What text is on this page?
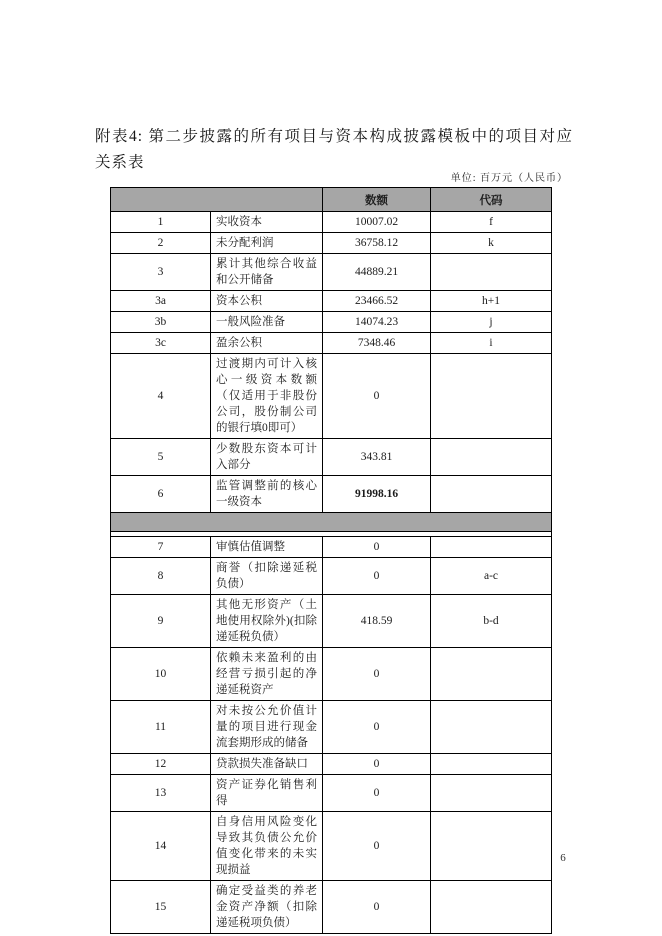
附表4: 第二步披露的所有项目与资本构成披露模板中的项目对应关系表
单位: 百万元（人民币）
		数额	代码
1	实收资本	10007.02	f
2	未分配利润	36758.12	k
3	累计其他综合收益和公开储备	44889.21	
3a	资本公积	23466.52	h+1
3b	一般风险准备	14074.23	j
3c	盈余公积	7348.46	i
4	过渡期内可计入核心一级资本数额（仅适用于非股份公司，股份制公司的银行填0即可）	0	
5	少数股东资本可计入部分	343.81	
6	监管调整前的核心一级资本	91998.16	

7	审慎估值调整	0	
8	商誉（扣除递延税负债）	0	a-c
9	其他无形资产（土地使用权除外)(扣除递延税负债）	418.59	b-d
10	依赖未来盈利的由经营亏损引起的净递延税资产	0	
11	对未按公允价值计量的项目进行现金流套期形成的储备	0	
12	贷款损失准备缺口	0	
13	资产证券化销售利得	0	
14	自身信用风险变化导致其负债公允价值变化带来的未实现损益	0	
15	确定受益类的养老金资产净额（扣除递延税项负债）	0	
6
